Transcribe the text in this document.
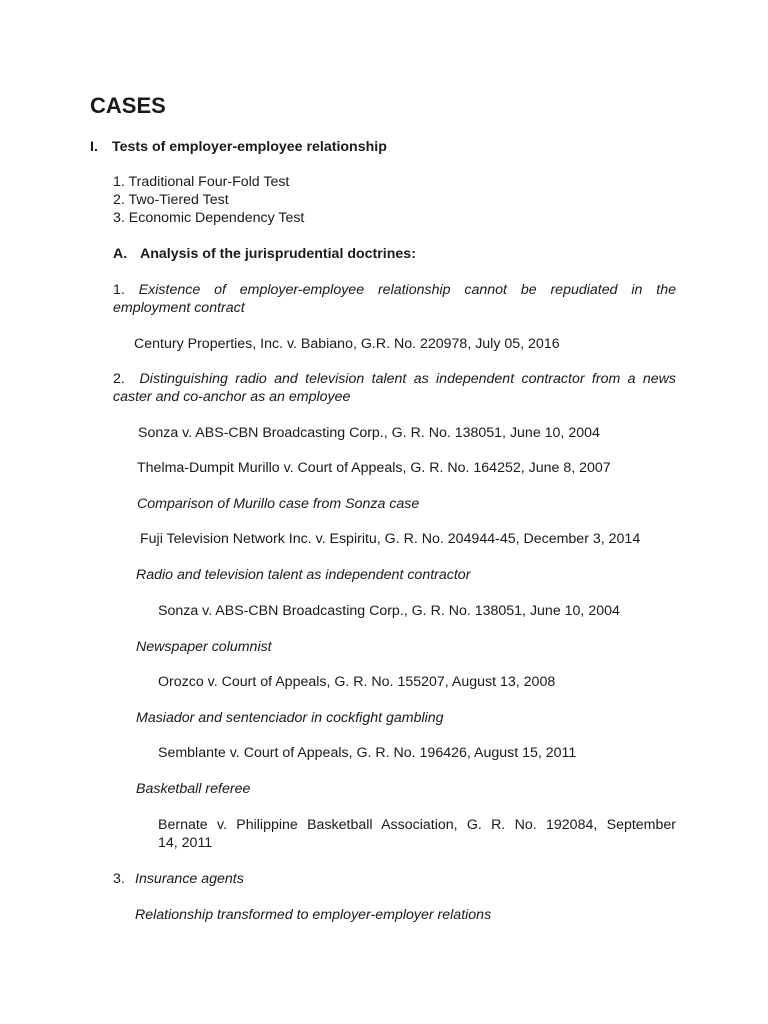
CASES
I. Tests of employer-employee relationship
1. Traditional Four-Fold Test
2. Two-Tiered Test
3. Economic Dependency Test
A. Analysis of the jurisprudential doctrines:
1. Existence of employer-employee relationship cannot be repudiated in the
employment contract
Century Properties, Inc. v. Babiano, G.R. No. 220978, July 05, 2016
2. Distinguishing radio and television talent as independent contractor from a news
caster and co-anchor as an employee
Sonza v. ABS-CBN Broadcasting Corp., G. R. No. 138051, June 10, 2004
Thelma-Dumpit Murillo v. Court of Appeals, G. R. No. 164252, June 8, 2007
Comparison of Murillo case from Sonza case
Fuji Television Network Inc. v. Espiritu, G. R. No. 204944-45, December 3, 2014
Radio and television talent as independent contractor
Sonza v. ABS-CBN Broadcasting Corp., G. R. No. 138051, June 10, 2004
Newspaper columnist
Orozco v. Court of Appeals, G. R. No. 155207, August 13, 2008
Masiador and sentenciador in cockfight gambling
Semblante v. Court of Appeals, G. R. No. 196426, August 15, 2011
Basketball referee
Bernate v. Philippine Basketball Association, G. R. No. 192084, September
14, 2011
3. Insurance agents
Relationship transformed to employer-employer relations
